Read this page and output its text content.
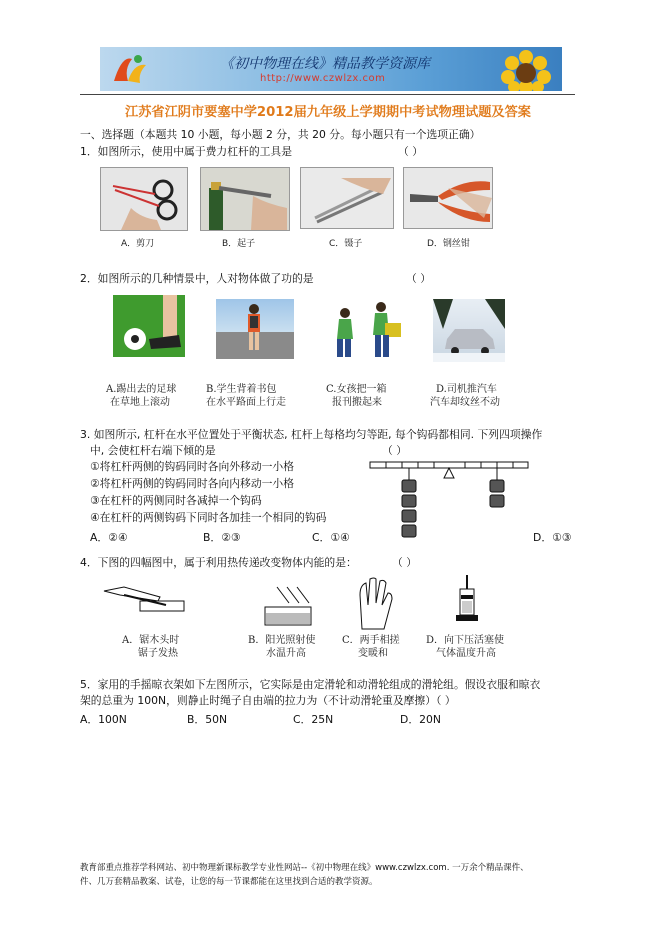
《初中物理在线》精品教学资源库
http://www.czwlzx.com
江苏省江阴市要塞中学2012届九年级上学期期中考试物理试题及答案
一、选择题（本题共 10 小题，每小题 2 分，共 20 分。每小题只有一个选项正确）
1．如图所示，使用中属于费力杠杆的工具是	（ ）
A．剪刀	B．起子	C．镊子	D．钢丝钳
2．如图所示的几种情景中，人对物体做了功的是	（ ）
A.踢出去的足球
在草地上滚动
B.学生背着书包
在水平路面上行走
C.女孩把一箱
报刊搬起来
D.司机推汽车
汽车却纹丝不动
3. 如图所示, 杠杆在水平位置处于平衡状态, 杠杆上每格均匀等距, 每个钩码都相同. 下列四项操作
中, 会使杠杆右端下倾的是	（ ）
①将杠杆两侧的钩码同时各向外移动一小格
②将杠杆两侧的钩码同时各向内移动一小格
③在杠杆的两侧同时各减掉一个钩码
④在杠杆的两侧钩码下同时各加挂一个相同的钩码
A．②④	B．②③	C．①④	D．①③
4．下图的四幅图中，属于利用热传递改变物体内能的是：	（ ）
A．锯木头时
锯子发热
B．阳光照射使
水温升高
C．两手相搓
变暖和
D．向下压活塞使
气体温度升高
5．家用的手摇晾衣架如下左图所示，它实际是由定滑轮和动滑轮组成的滑轮组。假设衣服和晾衣
架的总重为 100N，则静止时绳子自由端的拉力为（不计动滑轮重及摩擦）（ ）
A．100N	B．50N	C．25N	D．20N
教育部重点推荐学科网站、初中物理新课标教学专业性网站--《初中物理在线》www.czwlzx.com. 一万余个精品课件、
件、几万套精品教案、试卷，让您的每一节课都能在这里找到合适的教学资源。
